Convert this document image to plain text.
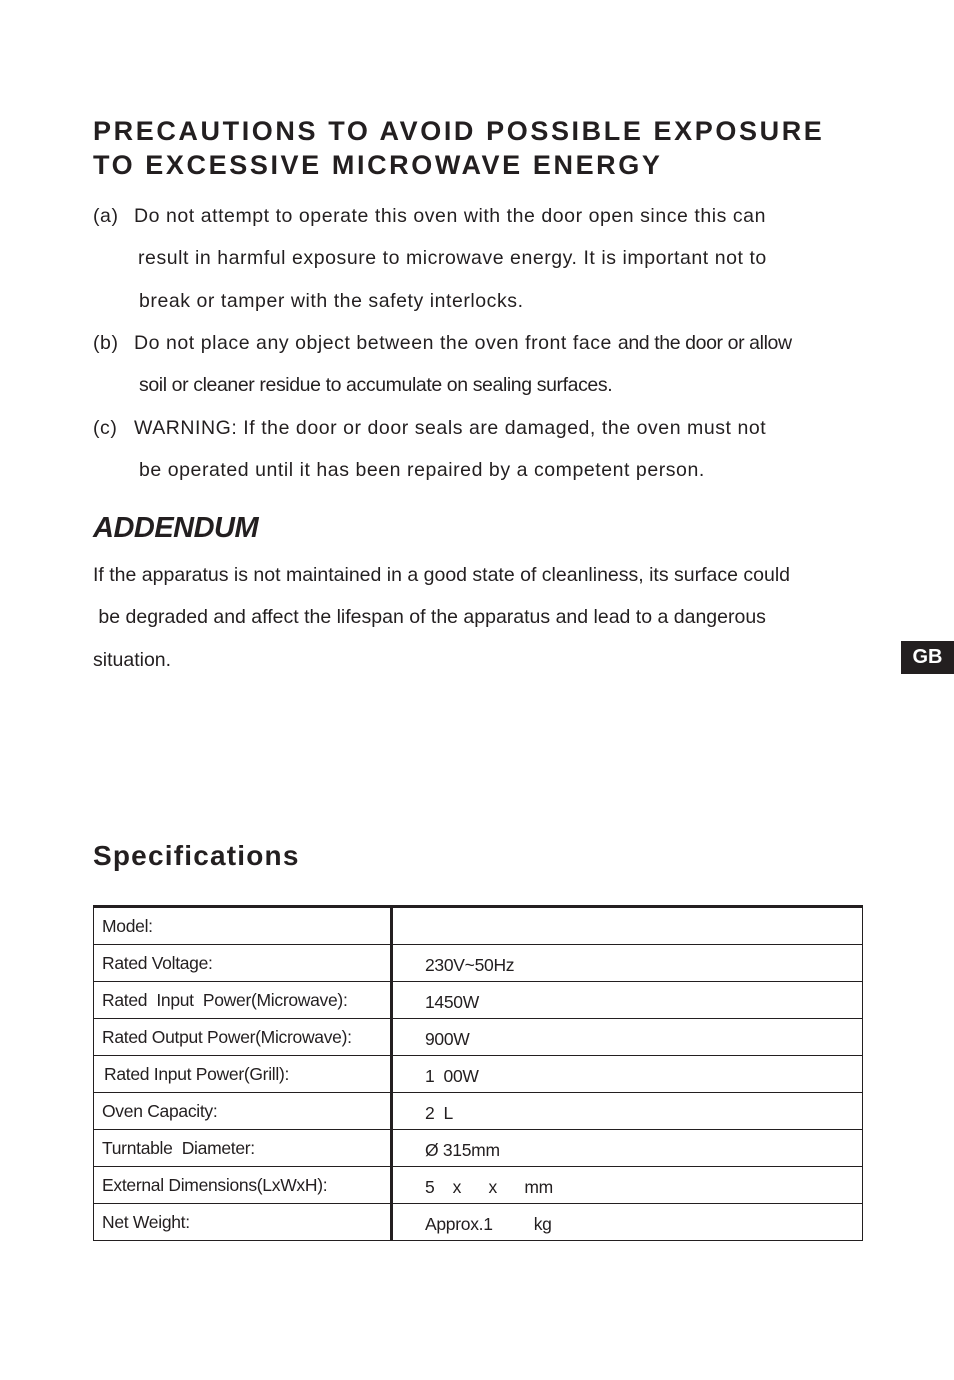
PRECAUTIONS TO AVOID POSSIBLE EXPOSURE
TO EXCESSIVE MICROWAVE ENERGY
(a) Do not attempt to operate this oven with the door open since this can
result in harmful exposure to microwave energy. It is important not to
break or tamper with the safety interlocks.
(b) Do not place any object between the oven front face and the door or allow
soil or cleaner residue to accumulate on sealing surfaces.
(c) WARNING: If the door or door seals are damaged, the oven must not
be operated until it has been repaired by a competent person.
ADDENDUM
If the apparatus is not maintained in a good state of cleanliness, its surface could
be degraded and affect the lifespan of the apparatus and lead to a dangerous
situation.	GB
Specifications
Model:	
Rated Voltage:	230V~50Hz
Rated  Input  Power(Microwave):	1450W
Rated Output Power(Microwave):	900W
Rated Input Power(Grill):	1  00W
Oven Capacity:	2  L
Turntable  Diameter:	Ø 315mm
External Dimensions(LxWxH):	5    x      x      mm
Net Weight:	Approx.1         kg
